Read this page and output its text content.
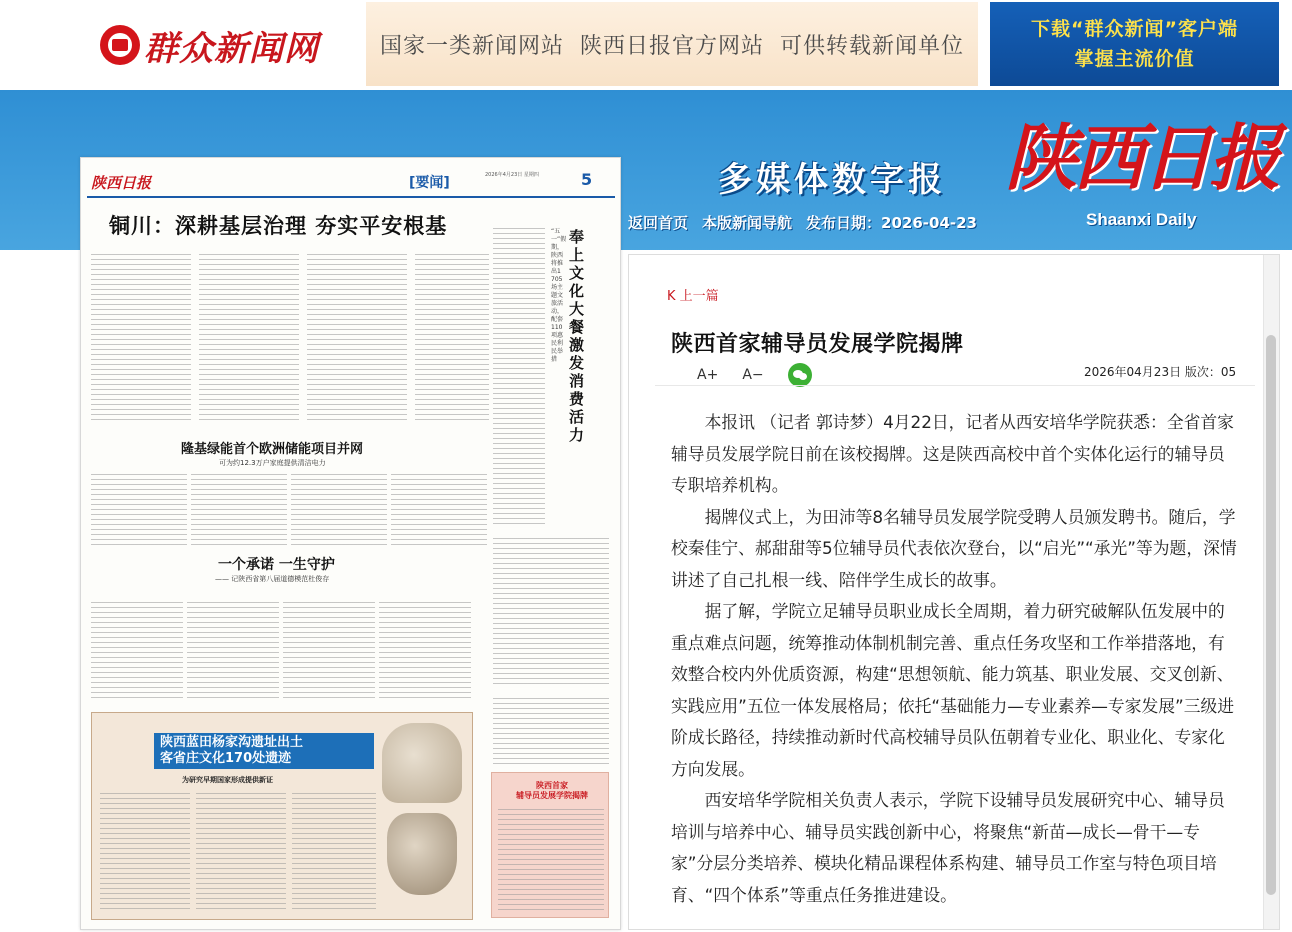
群众新闻网	国家一类新闻网站  陕西日报官方网站  可供转载新闻单位
下载“群众新闻”客户端
掌握主流价值
多媒体数字报 陕西日报
Shaanxi Daily
返回首页 本版新闻导航 发布日期：2026-04-23
陕西日报	[要闻]	2026年4月23日 星期四	5
铜川：深耕基层治理 夯实平安根基	奉上文化大餐 激发消费活力
“五一”假期，陕西将推出1705场主题文旅活动，配套110项惠民利民举措
隆基绿能首个欧洲储能项目并网
可为约12.3万户家庭提供清洁电力
一个承诺 一生守护
—— 记陕西省第八届道德模范杜俊存
陕西蓝田杨家沟遗址出土
客省庄文化170处遗迹
为研究早期国家形成提供新证
陕西首家
辅导员发展学院揭牌
K 上一篇
陕西首家辅导员发展学院揭牌
A+ A−	2026年04月23日 版次：05

本报讯 （记者 郭诗梦）4月22日，记者从西安培华学院获悉：全省首家辅导员发展学院日前在该校揭牌。这是陕西高校中首个实体化运行的辅导员专职培养机构。

揭牌仪式上，为田沛等8名辅导员发展学院受聘人员颁发聘书。随后，学校秦佳宁、郝甜甜等5位辅导员代表依次登台，以“启光”“承光”等为题，深情讲述了自己扎根一线、陪伴学生成长的故事。

据了解，学院立足辅导员职业成长全周期，着力研究破解队伍发展中的重点难点问题，统筹推动体制机制完善、重点任务攻坚和工作举措落地，有效整合校内外优质资源，构建“思想领航、能力筑基、职业发展、交叉创新、实践应用”五位一体发展格局；依托“基础能力—专业素养—专家发展”三级进阶成长路径，持续推动新时代高校辅导员队伍朝着专业化、职业化、专家化方向发展。

西安培华学院相关负责人表示，学院下设辅导员发展研究中心、辅导员培训与培养中心、辅导员实践创新中心，将聚焦“新苗—成长—骨干—专家”分层分类培养、模块化精品课程体系构建、辅导员工作室与特色项目培育、“四个体系”等重点任务推进建设。
